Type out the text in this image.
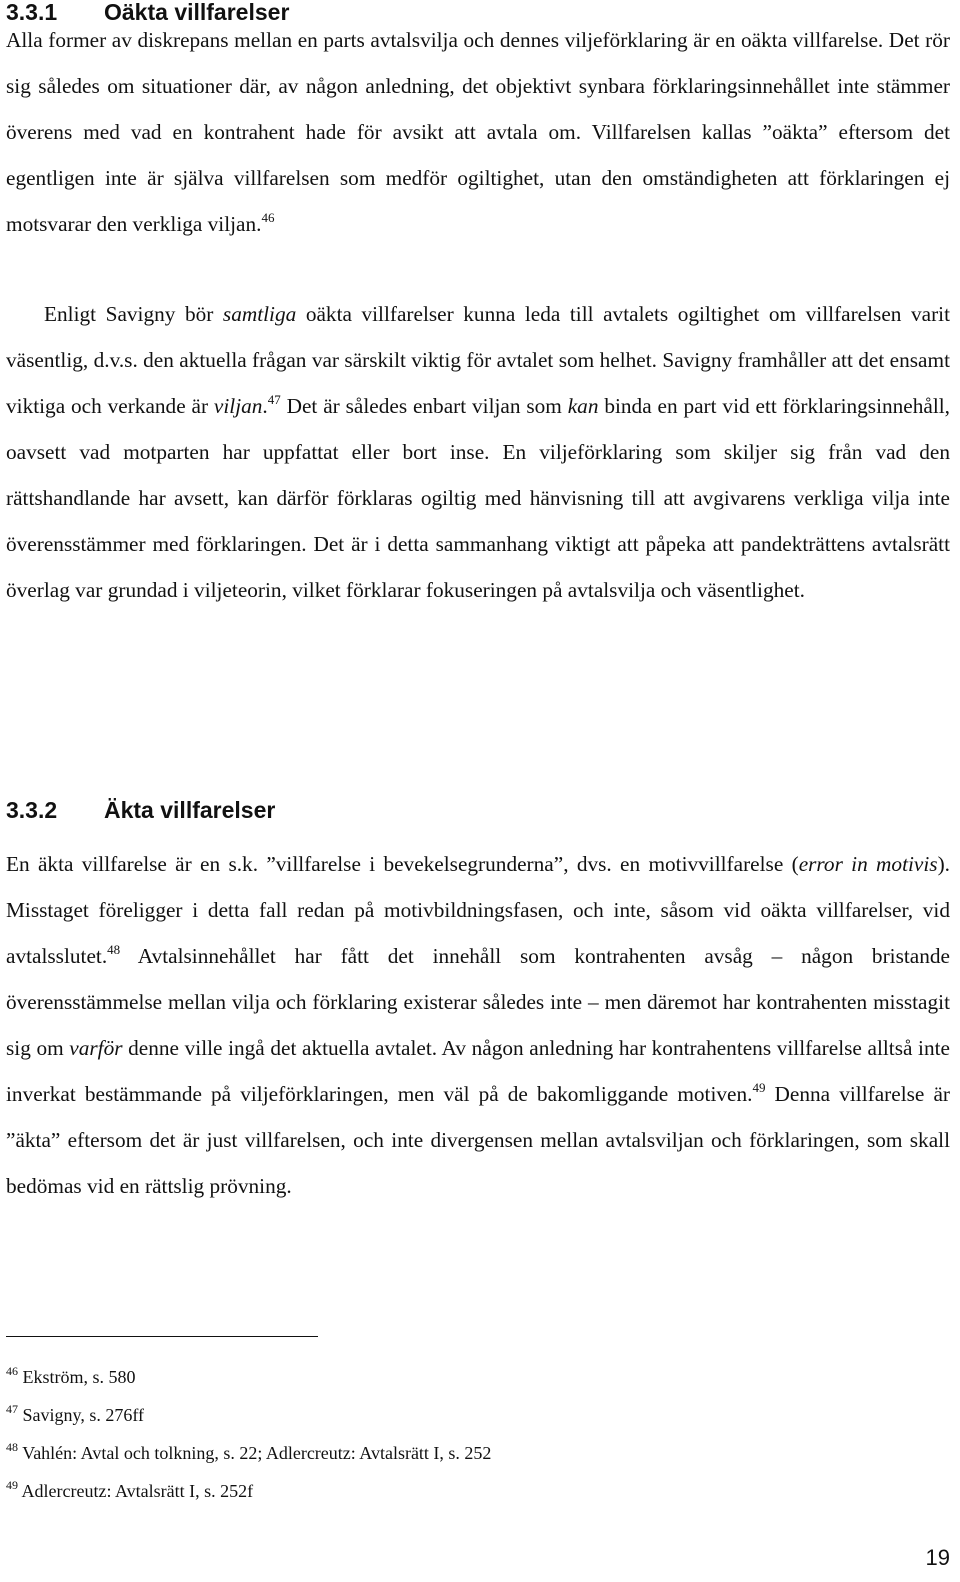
3.3.1 Oäkta villfarelser

Alla former av diskrepans mellan en parts avtalsvilja och dennes viljeförklaring är en oäkta villfarelse. Det rör sig således om situationer där, av någon anledning, det objektivt synbara förklaringsinnehållet inte stämmer överens med vad en kontrahent hade för avsikt att avtala om. Villfarelsen kallas ”oäkta” eftersom det egentligen inte är själva villfarelsen som medför ogiltighet, utan den omständigheten att förklaringen ej motsvarar den verkliga viljan.$^{46}$

Enligt Savigny bör samtliga oäkta villfarelser kunna leda till avtalets ogiltighet om villfarelsen varit väsentlig, d.v.s. den aktuella frågan var särskilt viktig för avtalet som helhet. Savigny framhåller att det ensamt viktiga och verkande är viljan.$^{47}$ Det är således enbart viljan som kan binda en part vid ett förklaringsinnehåll, oavsett vad motparten har uppfattat eller bort inse. En viljeförklaring som skiljer sig från vad den rättshandlande har avsett, kan därför förklaras ogiltig med hänvisning till att avgivarens verkliga vilja inte överensstämmer med förklaringen. Det är i detta sammanhang viktigt att påpeka att pandekträttens avtalsrätt överlag var grundad i viljeteorin, vilket förklarar fokuseringen på avtalsvilja och väsentlighet.

3.3.2 Äkta villfarelser

En äkta villfarelse är en s.k. ”villfarelse i bevekelsegrunderna”, dvs. en motivvillfarelse (error in motivis). Misstaget föreligger i detta fall redan på motivbildningsfasen, och inte, såsom vid oäkta villfarelser, vid avtalsslutet.$^{48}$ Avtalsinnehållet har fått det innehåll som kontrahenten avsåg – någon bristande överensstämmelse mellan vilja och förklaring existerar således inte – men däremot har kontrahenten misstagit sig om varför denne ville ingå det aktuella avtalet. Av någon anledning har kontrahentens villfarelse alltså inte inverkat bestämmande på viljeförklaringen, men väl på de bakomliggande motiven.$^{49}$ Denna villfarelse är ”äkta” eftersom det är just villfarelsen, och inte divergensen mellan avtalsviljan och förklaringen, som skall bedömas vid en rättslig prövning.

$^{46}$ Ekström, s. 580
$^{47}$ Savigny, s. 276ff
$^{48}$ Vahlén: Avtal och tolkning, s. 22; Adlercreutz: Avtalsrätt I, s. 252
$^{49}$ Adlercreutz: Avtalsrätt I, s. 252f
19
